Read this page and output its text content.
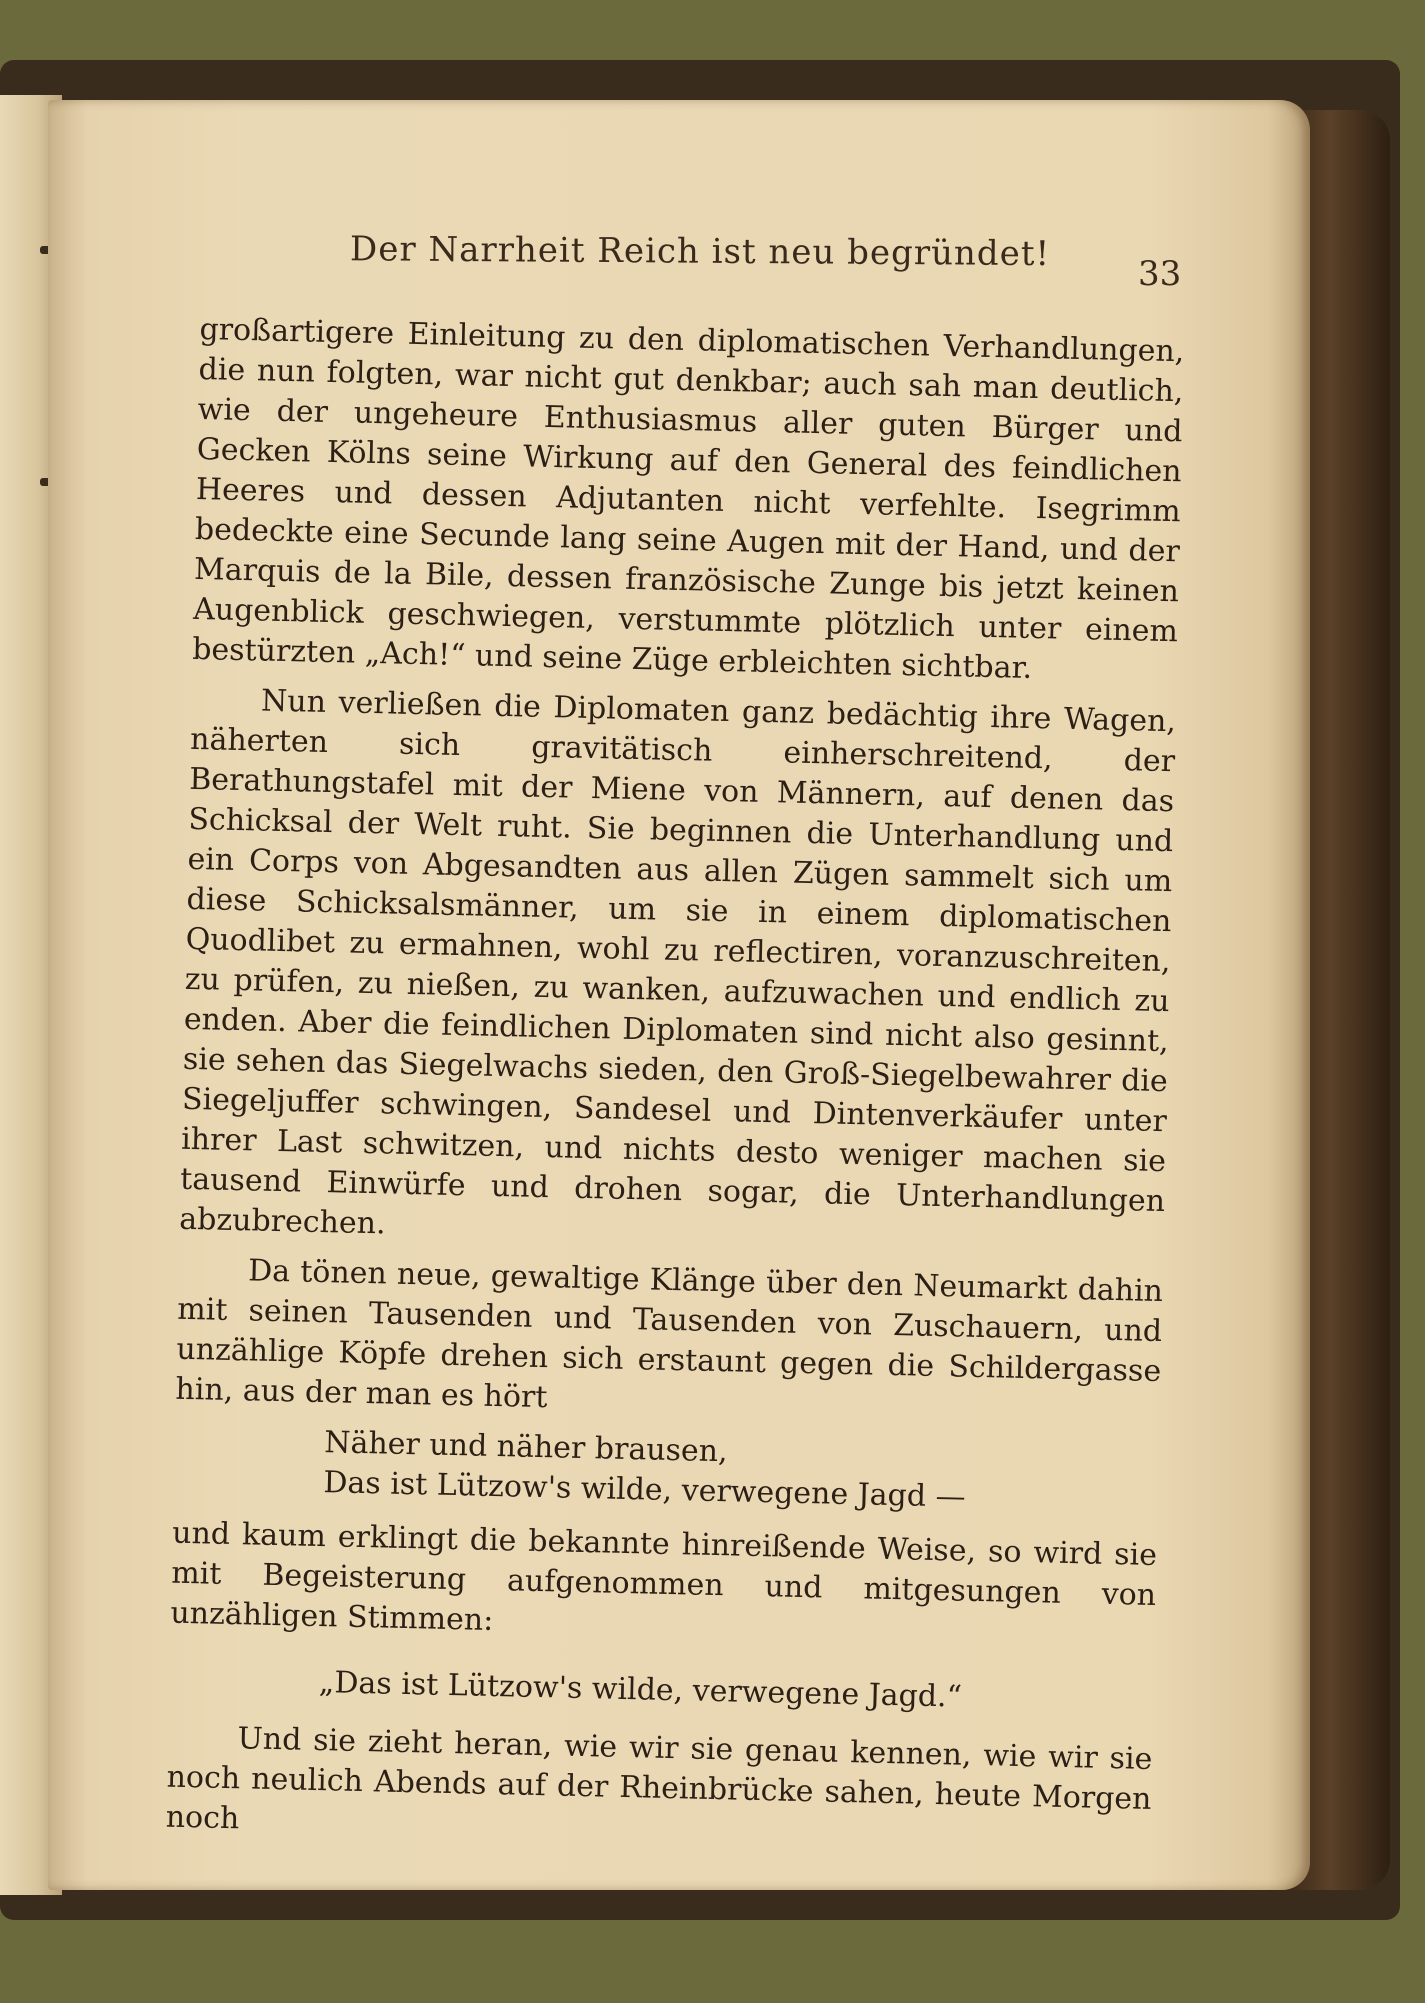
Der Narrheit Reich ist neu begründet!	33

großartigere Einleitung zu den diplomatischen Verhandlungen, die nun folgten, war nicht gut denkbar; auch sah man deutlich, wie der ungeheure Enthusiasmus aller guten Bürger und Gecken Kölns seine Wirkung auf den General des feindlichen Heeres und dessen Adjutanten nicht verfehlte. Isegrimm bedeckte eine Secunde lang seine Augen mit der Hand, und der Marquis de la Bile, dessen französische Zunge bis jetzt keinen Augenblick geschwiegen, verstummte plötzlich unter einem bestürzten „Ach!“ und seine Züge erbleichten sichtbar.

Nun verließen die Diplomaten ganz bedächtig ihre Wagen, näherten sich gravitätisch einherschreitend, der Berathungstafel mit der Miene von Männern, auf denen das Schicksal der Welt ruht. Sie beginnen die Unterhandlung und ein Corps von Abgesandten aus allen Zügen sammelt sich um diese Schicksalsmänner, um sie in einem diplomatischen Quodlibet zu ermahnen, wohl zu reflectiren, voranzuschreiten, zu prüfen, zu nießen, zu wanken, aufzuwachen und endlich zu enden. Aber die feindlichen Diplomaten sind nicht also gesinnt, sie sehen das Siegelwachs sieden, den Groß-Siegelbewahrer die Siegeljuffer schwingen, Sandesel und Dintenverkäufer unter ihrer Last schwitzen, und nichts desto weniger machen sie tausend Einwürfe und drohen sogar, die Unterhandlungen abzubrechen.

Da tönen neue, gewaltige Klänge über den Neumarkt dahin mit seinen Tausenden und Tausenden von Zuschauern, und unzählige Köpfe drehen sich erstaunt gegen die Schildergasse hin, aus der man es hört

Näher und näher brausen,
Das ist Lützow's wilde, verwegene Jagd —

und kaum erklingt die bekannte hinreißende Weise, so wird sie mit Begeisterung aufgenommen und mitgesungen von unzähligen Stimmen:

„Das ist Lützow's wilde, verwegene Jagd.“

Und sie zieht heran, wie wir sie genau kennen, wie wir sie noch neulich Abends auf der Rheinbrücke sahen, heute Morgen noch
